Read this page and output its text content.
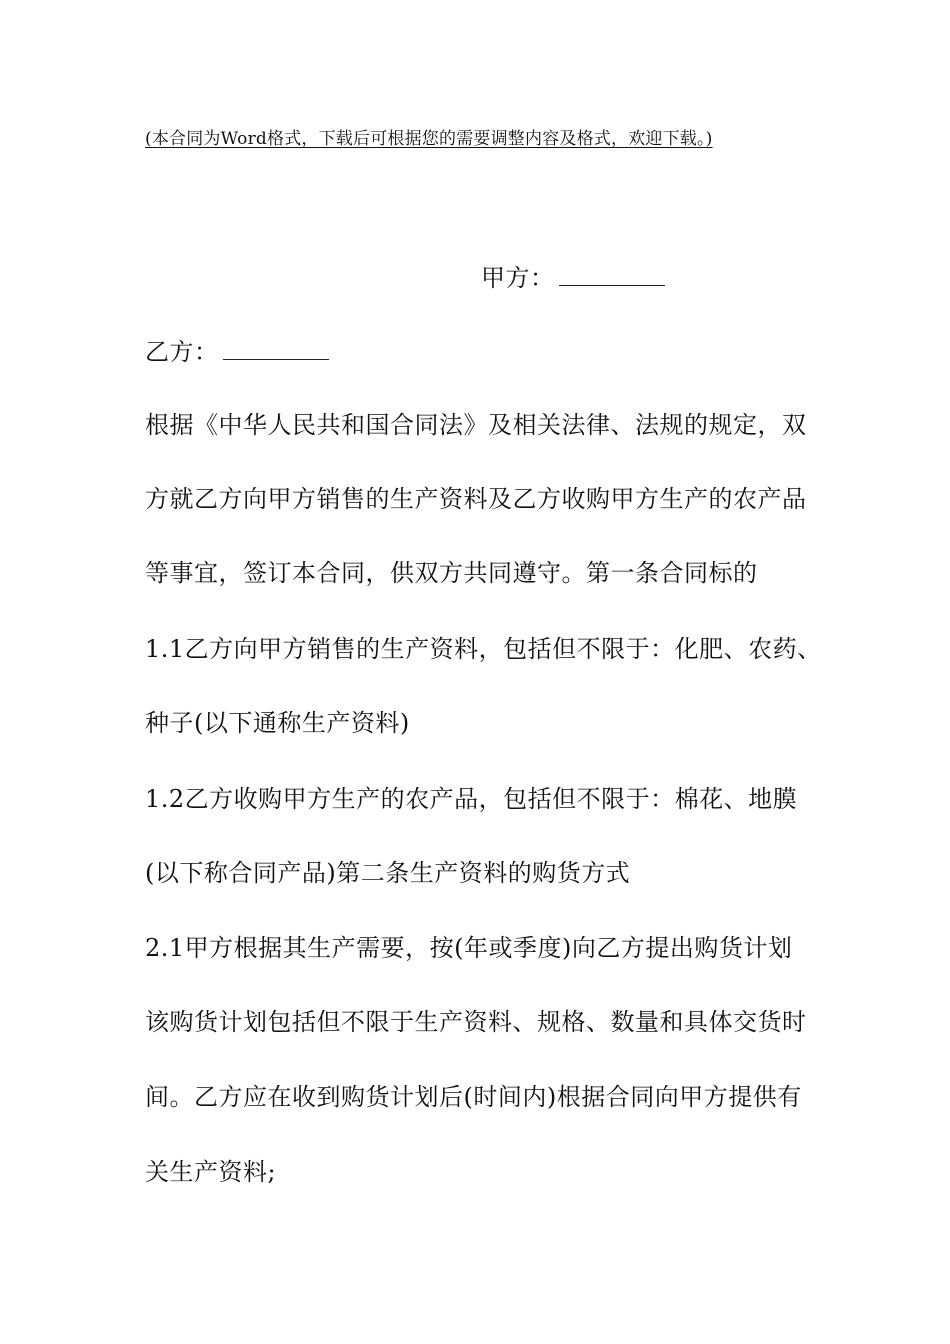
(本合同为Word格式，下载后可根据您的需要调整内容及格式，欢迎下载。)
甲方：
乙方：
根据《中华人民共和国合同法》及相关法律、法规的规定，双
方就乙方向甲方销售的生产资料及乙方收购甲方生产的农产品
等事宜，签订本合同，供双方共同遵守。第一条合同标的
1.1乙方向甲方销售的生产资料，包括但不限于：化肥、农药、
种子(以下通称生产资料)
1.2乙方收购甲方生产的农产品，包括但不限于：棉花、地膜
(以下称合同产品)第二条生产资料的购货方式
2.1甲方根据其生产需要，按(年或季度)向乙方提出购货计划
该购货计划包括但不限于生产资料、规格、数量和具体交货时
间。乙方应在收到购货计划后(时间内)根据合同向甲方提供有
关生产资料;
